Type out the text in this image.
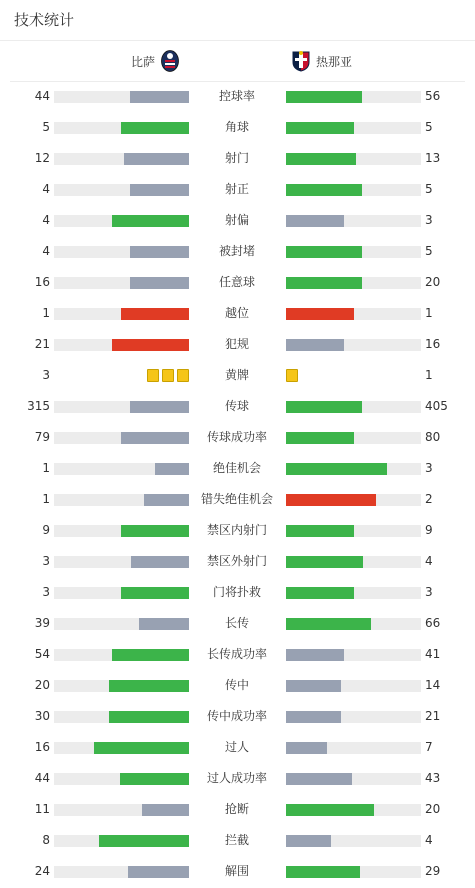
技术统计
比萨	热那亚
44	控球率	56
5	角球	5
12	射门	13
4	射正	5
4	射偏	3
4	被封堵	5
16	任意球	20
1	越位	1
21	犯规	16
3	黄牌	1
315	传球	405
79	传球成功率	80
1	绝佳机会	3
1	错失绝佳机会	2
9	禁区内射门	9
3	禁区外射门	4
3	门将扑救	3
39	长传	66
54	长传成功率	41
20	传中	14
30	传中成功率	21
16	过人	7
44	过人成功率	43
11	抢断	20
8	拦截	4
24	解围	29
